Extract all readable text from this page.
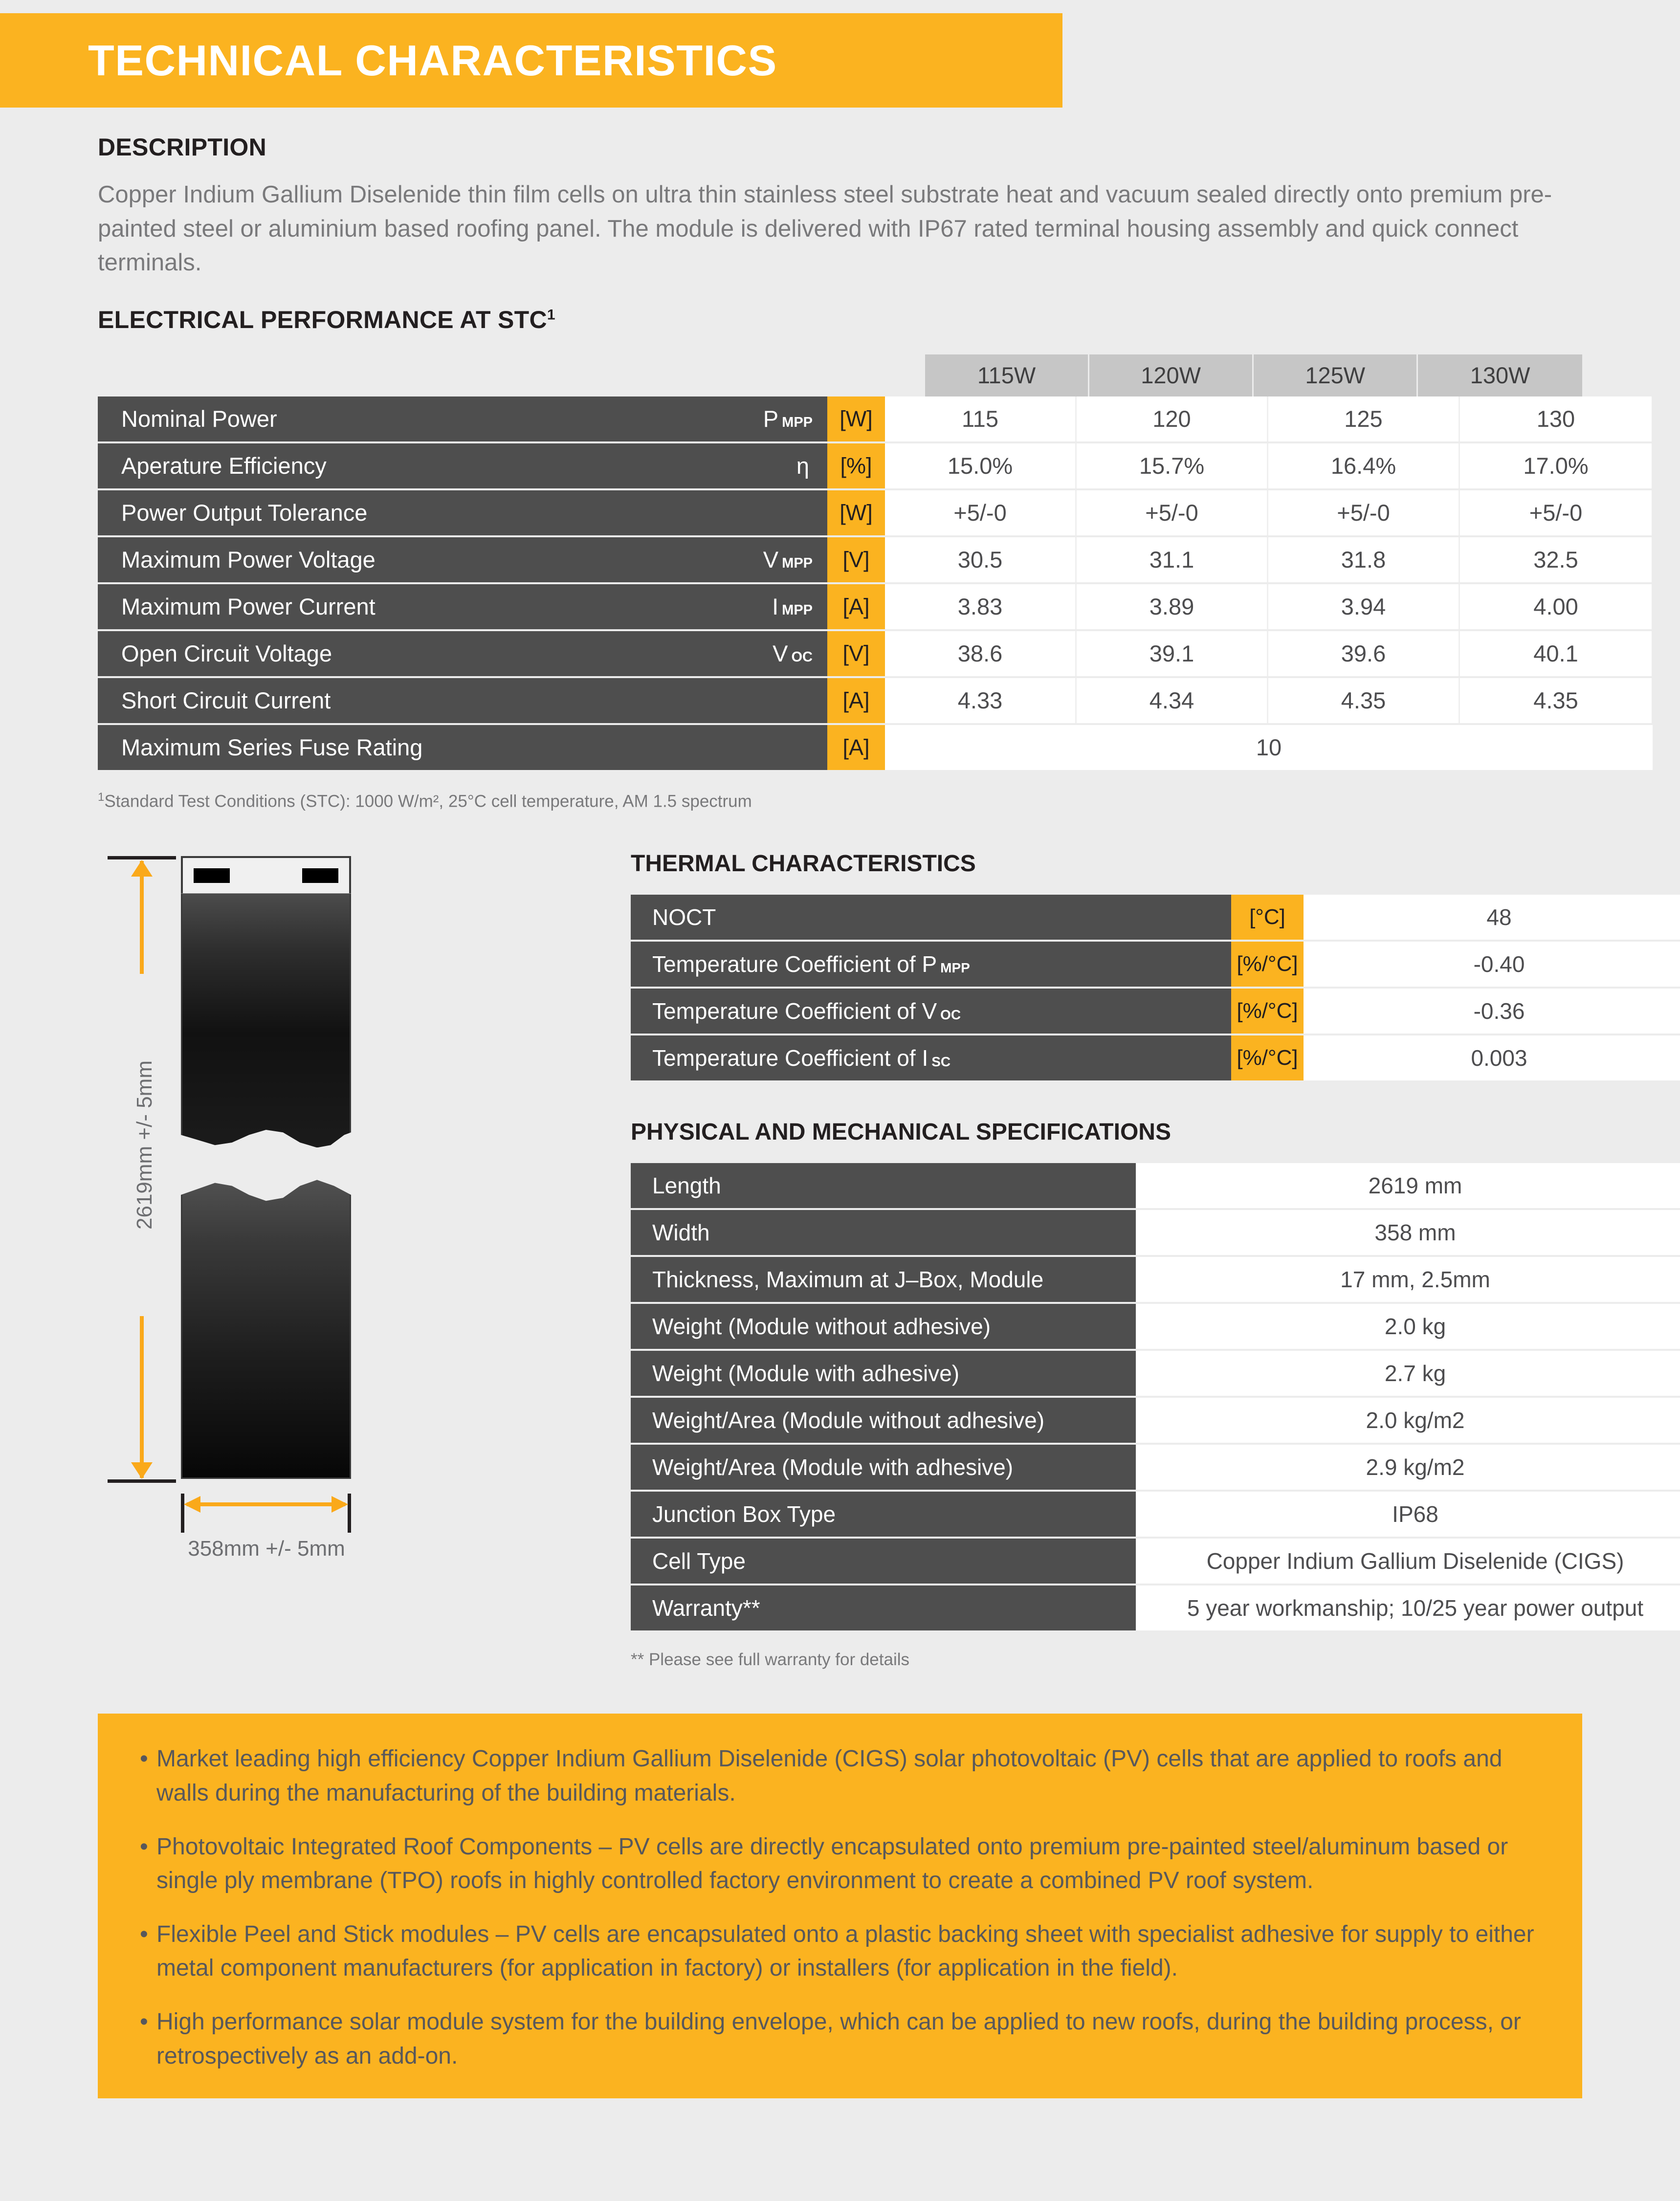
TECHNICAL CHARACTERISTICS
DESCRIPTION
Copper Indium Gallium Diselenide thin film cells on ultra thin stainless steel substrate heat and vacuum sealed directly onto premium pre-painted steel or aluminium based roofing panel. The module is delivered with IP67 rated terminal housing assembly and quick connect terminals.
ELECTRICAL PERFORMANCE AT STC$^1$
115W	120W	125W	130W
Nominal Power	$P_{MPP}$	[W]	115	120	125	130
Aperature Efficiency	η	[%]	15.0%	15.7%	16.4%	17.0%
Power Output Tolerance	[W]	+5/-0	+5/-0	+5/-0	+5/-0
Maximum Power Voltage	$V_{MPP}$	[V]	30.5	31.1	31.8	32.5
Maximum Power Current	$I_{MPP}$	[A]	3.83	3.89	3.94	4.00
Open Circuit Voltage	$V_{OC}$	[V]	38.6	39.1	39.6	40.1
Short Circuit Current	[A]	4.33	4.34	4.35	4.35
Maximum Series Fuse Rating	[A]	10
$^1$Standard Test Conditions (STC): 1000 W/m², 25°C cell temperature, AM 1.5 spectrum
2619mm +/- 5mm
358mm +/- 5mm
THERMAL CHARACTERISTICS
NOCT	[°C]	48
Temperature Coefficient of P $_{MPP}$	[%/°C]	-0.40
Temperature Coefficient of V $_{OC}$	[%/°C]	-0.36
Temperature Coefficient of I $_{SC}$	[%/°C]	0.003
PHYSICAL AND MECHANICAL SPECIFICATIONS
Length	2619 mm
Width	358 mm
Thickness, Maximum at J–Box, Module	17 mm, 2.5mm
Weight (Module without adhesive)	2.0 kg
Weight (Module with adhesive)	2.7 kg
Weight/Area (Module without adhesive)	2.0 kg/m2
Weight/Area (Module with adhesive)	2.9 kg/m2
Junction Box Type	IP68
Cell Type	Copper Indium Gallium Diselenide (CIGS)
Warranty**	5 year workmanship; 10/25 year power output
** Please see full warranty for details
• Market leading high efficiency Copper Indium Gallium Diselenide (CIGS) solar photovoltaic (PV) cells that are applied to roofs and walls during the manufacturing of the building materials.
• Photovoltaic Integrated Roof Components – PV cells are directly encapsulated onto premium pre-painted steel/aluminum based or single ply membrane (TPO) roofs in highly controlled factory environment to create a combined PV roof system.
• Flexible Peel and Stick modules – PV cells are encapsulated onto a plastic backing sheet with specialist adhesive for supply to either metal component manufacturers (for application in factory) or installers (for application in the field).
• High performance solar module system for the building envelope, which can be applied to new roofs, during the building process, or retrospectively as an add-on.
